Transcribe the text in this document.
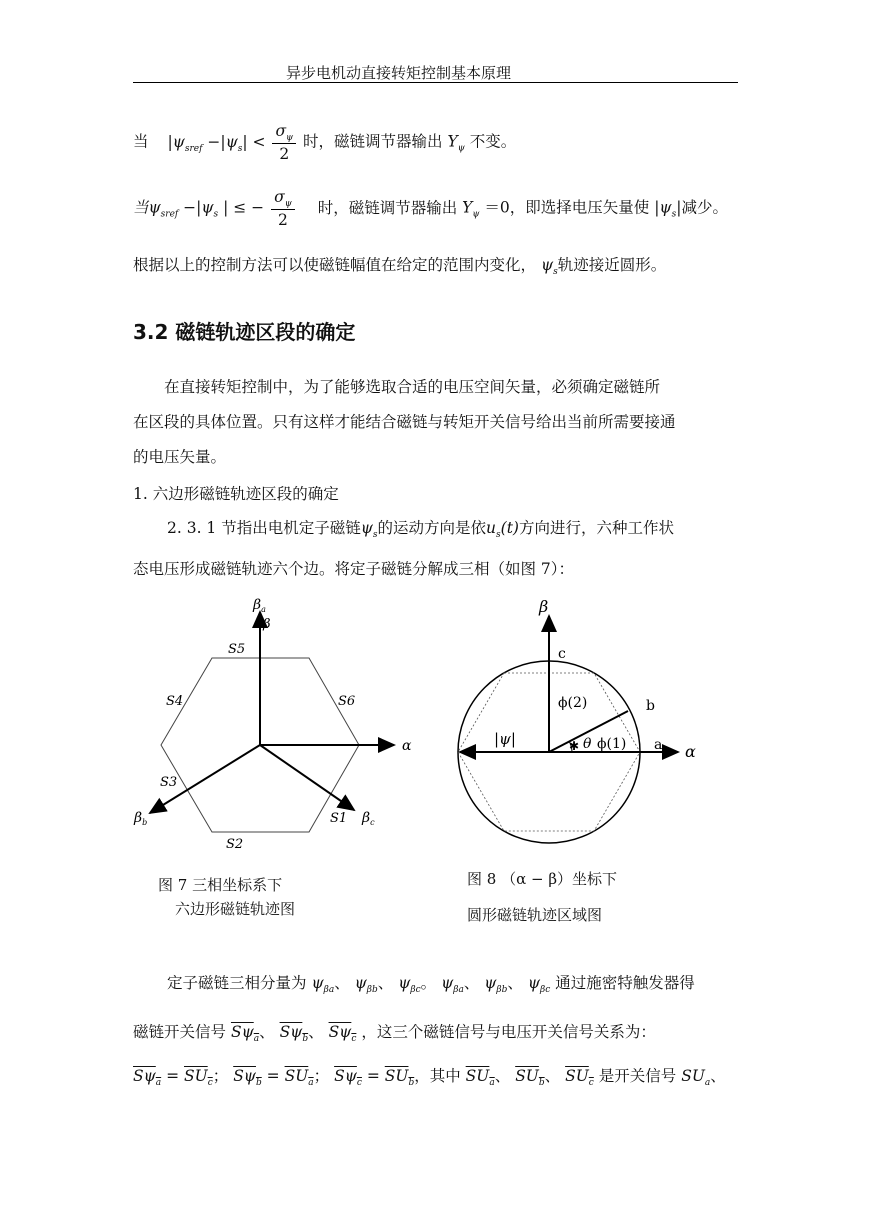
异步电机动直接转矩控制基本原理
当 $|\psi_{sref} -|\psi_s| < \frac{\sigma_\psi}{2}$ 时，磁链调节器输出 $Y_\psi$ 不变。
当$\psi_{sref} -|\psi_s$ | ≤ − $\frac{\sigma_\psi}{2}$ 时，磁链调节器输出 $Y_\psi =0$，即选择电压矢量使 $|\psi_s|$减少。
根据以上的控制方法可以使磁链幅值在给定的范围内变化， $\psi_s$轨迹接近圆形。
3.2 磁链轨迹区段的确定
在直接转矩控制中，为了能够选取合适的电压空间矢量，必须确定磁链所
在区段的具体位置。只有这样才能结合磁链与转矩开关信号给出当前所需要接通
的电压矢量。
1. 六边形磁链轨迹区段的确定
2. 3. 1 节指出电机定子磁链$\psi_s$的运动方向是依$u_s(t)$方向进行，六种工作状
态电压形成磁链轨迹六个边。将定子磁链分解成三相（如图 7）：
$\beta_a$
β
α
$\beta_b$	$\beta_c$
S1
S2
S3
S4
S5
S6
图 7 三相坐标系下
六边形磁链轨迹图
✱
β
α
c
b
a
ϕ(2)
θ ϕ(1)
|ψ|
图 8 （α − β）坐标下
圆形磁链轨迹区域图
定子磁链三相分量为 $\psi_{\beta a}$、 $\psi_{\beta b}$、 $\psi_{\beta c}$。 $\psi_{\beta a}$、 $\psi_{\beta b}$、 $\psi_{\beta c}$ 通过施密特触发器得
磁链开关信号 $S\psi_a$、 $S\psi_b$、 $S\psi_c$ ，这三个磁链信号与电压开关信号关系为：
$S\psi_a = SU_c$； $S\psi_b = SU_a$； $S\psi_c = SU_b$，其中 $SU_a$、 $SU_b$、 $SU_c$ 是开关信号 $SU_a$、
